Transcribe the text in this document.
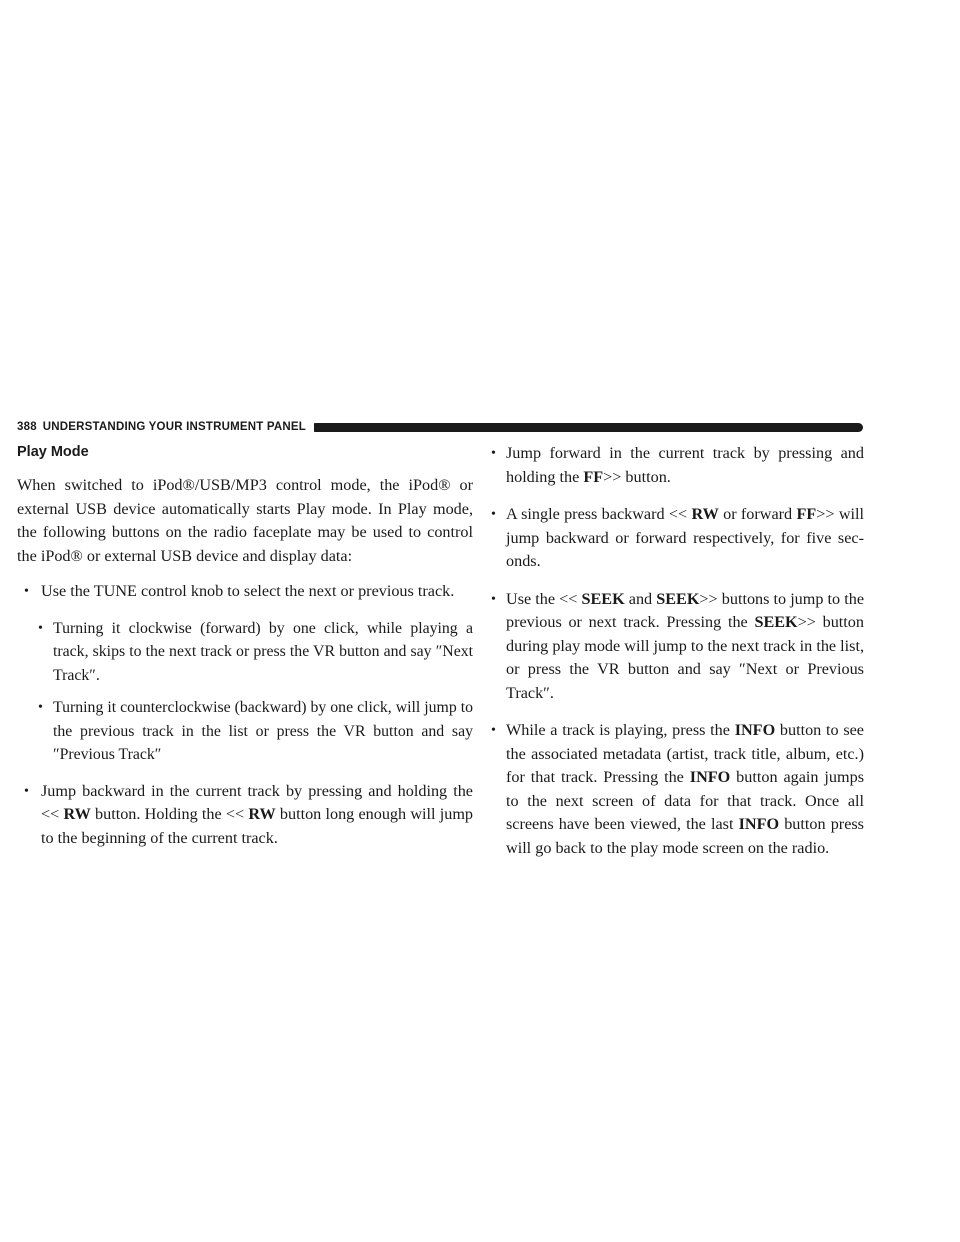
388 UNDERSTANDING YOUR INSTRUMENT PANEL
Play Mode

When switched to iPod®/USB/MP3 control mode, the iPod® or external USB device automatically starts Play mode. In Play mode, the following buttons on the radio faceplate may be used to control the iPod® or external USB device and display data:

• Use the TUNE control knob to select the next or previous track.
• Turning it clockwise (forward) by one click, while playing a track, skips to the next track or press the VR button and say ″Next Track″.
• Turning it counterclockwise (backward) by one click, will jump to the previous track in the list or press the VR button and say ″Previous Track″
• Jump backward in the current track by pressing and holding the << RW button. Holding the << RW button long enough will jump to the beginning of the current track.
• Jump forward in the current track by pressing and holding the FF>> button.
• A single press backward << RW or forward FF>> will jump backward or forward respectively, for five sec-onds.
• Use the << SEEK and SEEK>> buttons to jump to the previous or next track. Pressing the SEEK>> button during play mode will jump to the next track in the list, or press the VR button and say ″Next or Previous Track″.
• While a track is playing, press the INFO button to see the associated metadata (artist, track title, album, etc.) for that track. Pressing the INFO button again jumps to the next screen of data for that track. Once all screens have been viewed, the last INFO button press will go back to the play mode screen on the radio.
